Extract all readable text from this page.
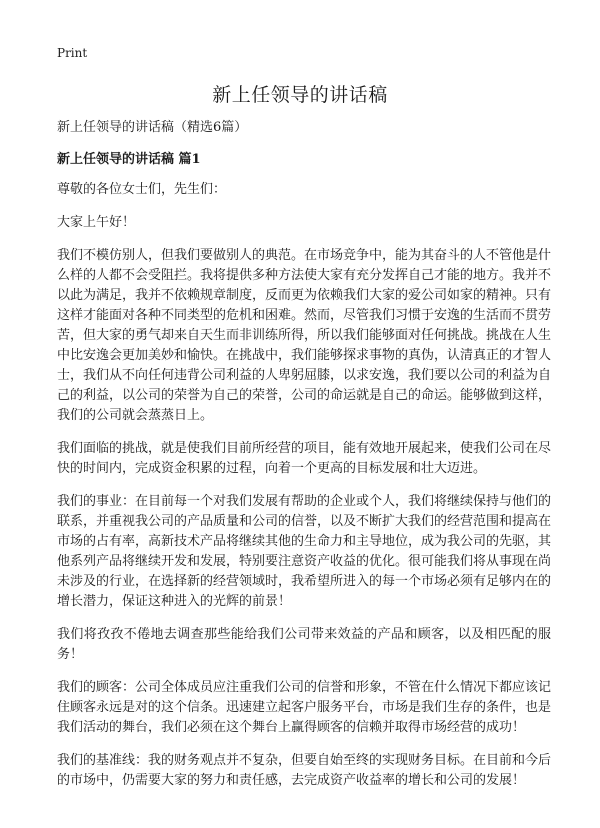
Print
新上任领导的讲话稿

新上任领导的讲话稿（精选6篇）

新上任领导的讲话稿 篇1

尊敬的各位女士们，先生们：

大家上午好！

我们不模仿别人，但我们要做别人的典范。在市场竞争中，能为其奋斗的人不管他是什么样的人都不会受阻拦。我将提供多种方法使大家有充分发挥自己才能的地方。我并不以此为满足，我并不依赖规章制度，反而更为依赖我们大家的爱公司如家的精神。只有这样才能面对各种不同类型的危机和困难。然而，尽管我们习惯于安逸的生活而不贯劳苦，但大家的勇气却来自天生而非训练所得，所以我们能够面对任何挑战。挑战在人生中比安逸会更加美妙和愉快。在挑战中，我们能够探求事物的真伪，认清真正的才智人士，我们从不向任何违背公司利益的人卑躬屈膝，以求安逸，我们要以公司的利益为自己的利益，以公司的荣誉为自己的荣誉，公司的命运就是自己的命运。能够做到这样，我们的公司就会蒸蒸日上。

我们面临的挑战，就是使我们目前所经营的项目，能有效地开展起来，使我们公司在尽快的时间内，完成资金积累的过程，向着一个更高的目标发展和壮大迈进。

我们的事业：在目前每一个对我们发展有帮助的企业或个人，我们将继续保持与他们的联系，并重视我公司的产品质量和公司的信誉，以及不断扩大我们的经营范围和提高在市场的占有率，高新技术产品将继续其他的生命力和主导地位，成为我公司的先驱，其他系列产品将继续开发和发展，特别要注意资产收益的优化。很可能我们将从事现在尚未涉及的行业，在选择新的经营领域时，我希望所进入的每一个市场必须有足够内在的增长潜力，保证这种进入的光辉的前景！

我们将孜孜不倦地去调查那些能给我们公司带来效益的产品和顾客，以及相匹配的服务！

我们的顾客：公司全体成员应注重我们公司的信誉和形象，不管在什么情况下都应该记住顾客永远是对的这个信条。迅速建立起客户服务平台，市场是我们生存的条件，也是我们活动的舞台，我们必须在这个舞台上赢得顾客的信赖并取得市场经营的成功！

我们的基准线：我的财务观点并不复杂，但要自始至终的实现财务目标。在目前和今后的市场中，仍需要大家的努力和责任感，去完成资产收益率的增长和公司的发展！
